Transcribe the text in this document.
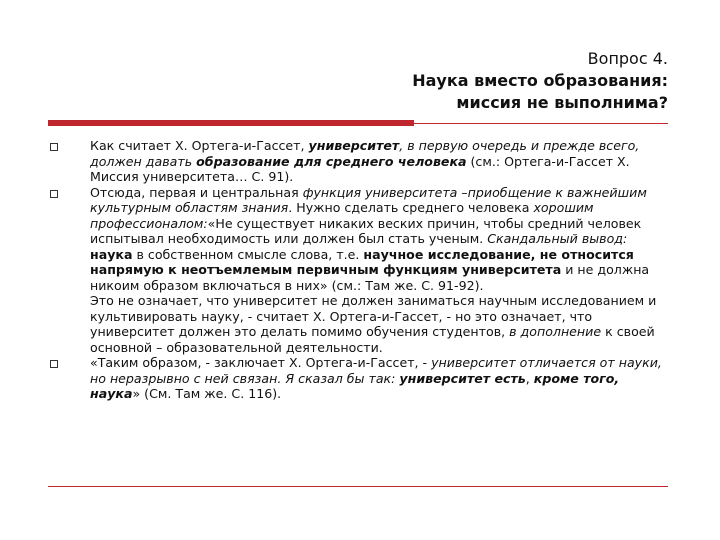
Вопрос 4.
Наука вместо образования:
миссия не выполнима?

Как считает Х. Ортега-и-Гассет, университет, в первую очередь и прежде всего, должен давать образование для среднего человека (см.: Ортега-и-Гассет Х. Миссия университета… С. 91).

Отсюда, первая и центральная функция университета –приобщение к важнейшим культурным областям знания. Нужно сделать среднего человека хорошим профессионалом:«Не существует никаких веских причин, чтобы средний человек испытывал необходимость или должен был стать ученым. Скандальный вывод: наука в собственном смысле слова, т.е. научное исследование, не относится напрямую к неотъемлемым первичным функциям университета и не должна никоим образом включаться в них» (см.: Там же. С. 91-92).

Это не означает, что университет не должен заниматься научным исследованием и культивировать науку, - считает Х. Ортега-и-Гассет, - но это означает, что университет должен это делать помимо обучения студентов, в дополнение к своей основной – образовательной деятельности.

«Таким образом, - заключает Х. Ортега-и-Гассет, - университет отличается от науки, но неразрывно с ней связан. Я сказал бы так: университет есть, кроме того, наука» (См. Там же. С. 116).
